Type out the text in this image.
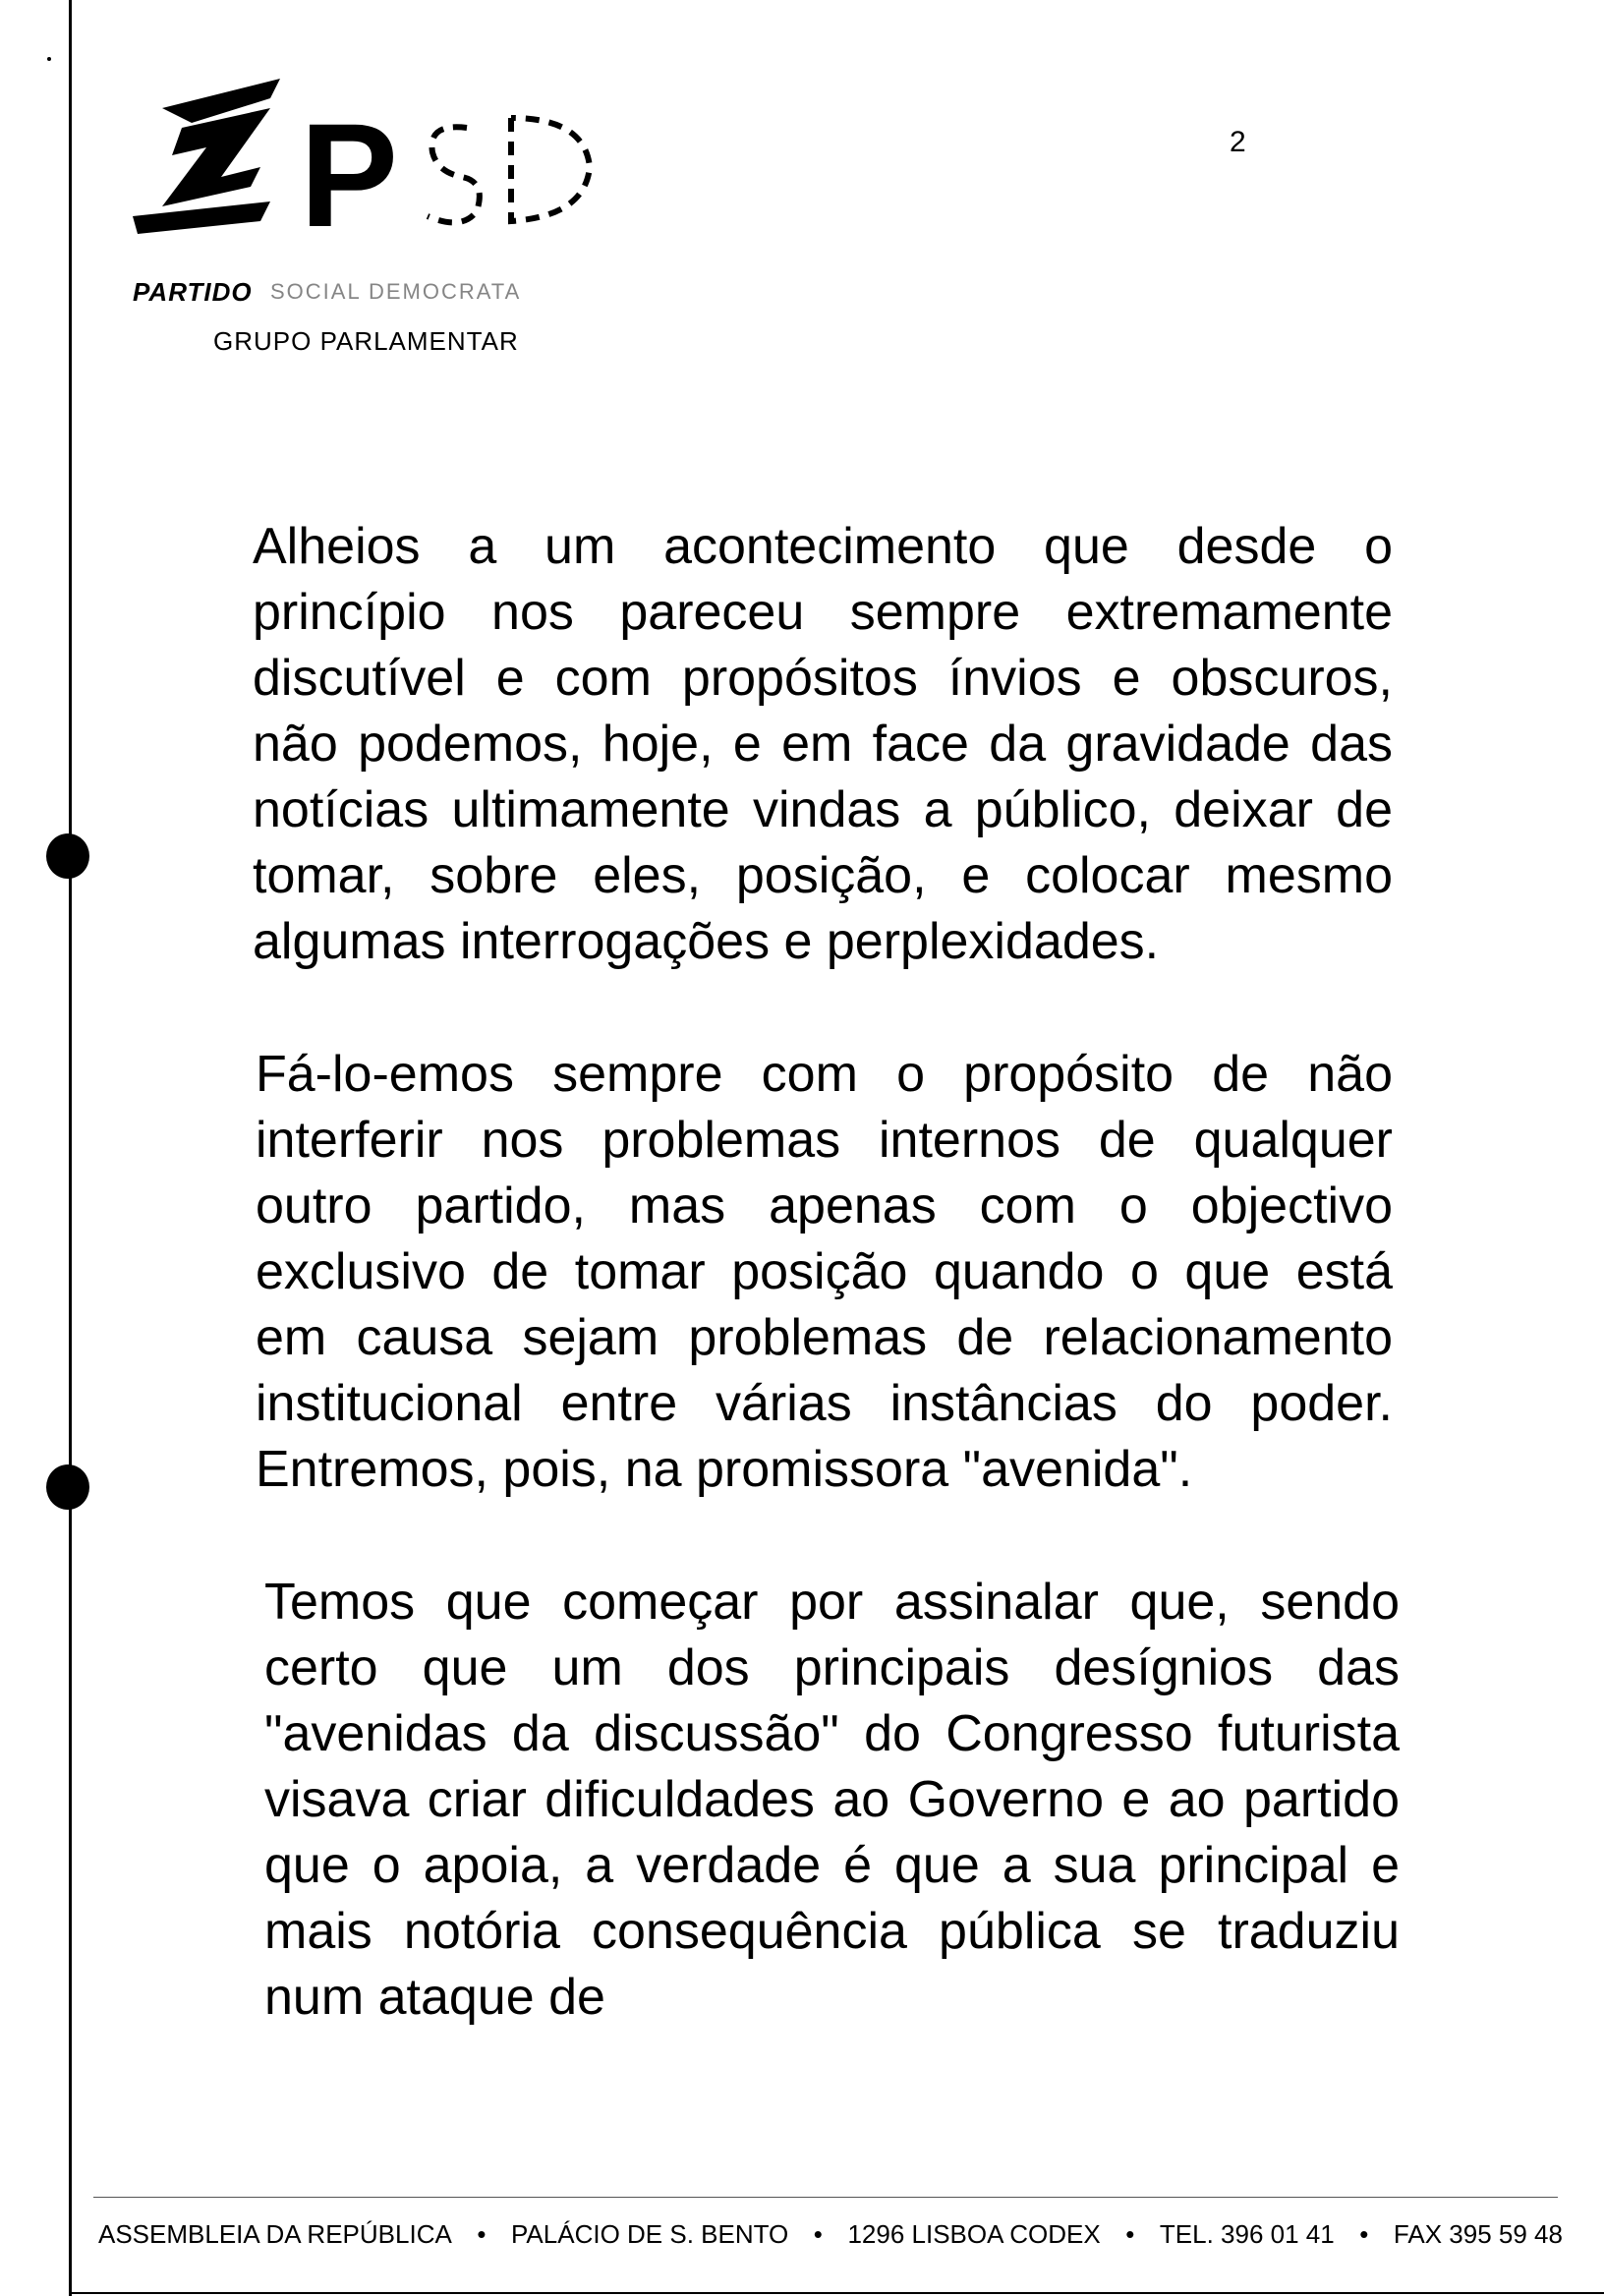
P
PARTIDO SOCIAL DEMOCRATA
GRUPO PARLAMENTAR
2

Alheios a um acontecimento que desde o princípio nos pareceu sempre extremamente discutível e com propósitos ínvios e obscuros, não podemos, hoje, e em face da gravidade das notícias ultimamente vindas a público, deixar de tomar, sobre eles, posição, e colocar mesmo algumas interrogações e perplexidades.

Fá-lo-emos sempre com o propósito de não interferir nos problemas internos de qualquer outro partido, mas apenas com o objectivo exclusivo de tomar posição quando o que está em causa sejam problemas de relacionamento institucional entre várias instâncias do poder. Entremos, pois, na promissora "avenida".

Temos que começar por assinalar que, sendo certo que um dos principais desígnios das "avenidas da discussão" do Congresso futurista visava criar dificuldades ao Governo e ao partido que o apoia, a verdade é que a sua principal e mais notória consequência pública se traduziu num ataque de

ASSEMBLEIA DA REPÚBLICA • PALÁCIO DE S. BENTO • 1296 LISBOA CODEX • TEL. 396 01 41 • FAX 395 59 48
